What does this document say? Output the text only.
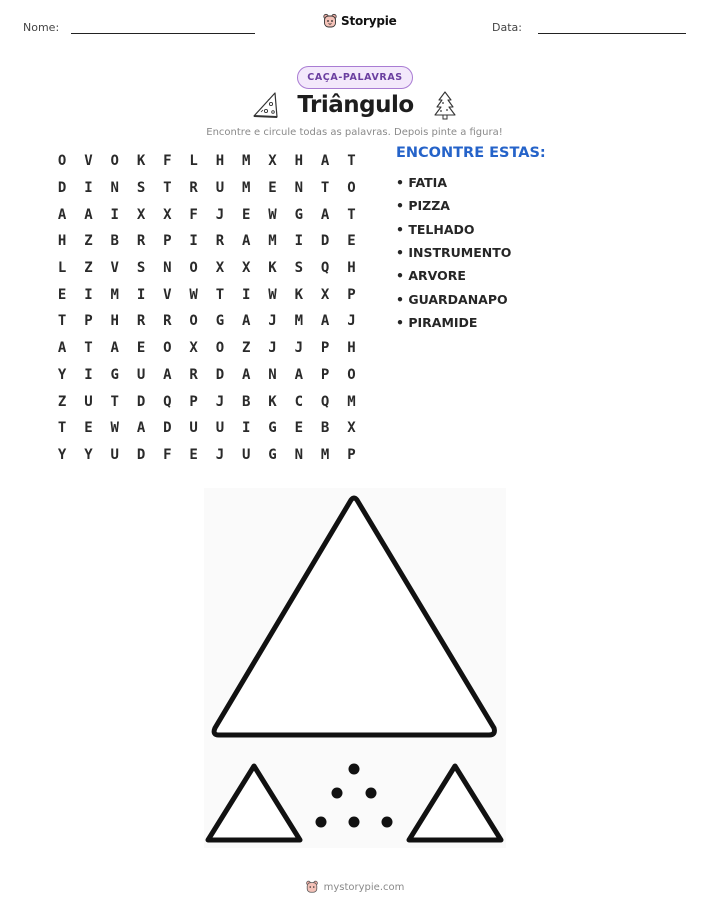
Nome:	Storypie	Data:
CAÇA-PALAVRAS
Triângulo
Encontre e circule todas as palavras. Depois pinte a figura!
O	V	O	K	F	L	H	M	X	H	A	T
D	I	N	S	T	R	U	M	E	N	T	O
A	A	I	X	X	F	J	E	W	G	A	T
H	Z	B	R	P	I	R	A	M	I	D	E
L	Z	V	S	N	O	X	X	K	S	Q	H
E	I	M	I	V	W	T	I	W	K	X	P
T	P	H	R	R	O	G	A	J	M	A	J
A	T	A	E	O	X	O	Z	J	J	P	H
Y	I	G	U	A	R	D	A	N	A	P	O
Z	U	T	D	Q	P	J	B	K	C	Q	M
T	E	W	A	D	U	U	I	G	E	B	X
Y	Y	U	D	F	E	J	U	G	N	M	P
ENCONTRE ESTAS:
• FATIA
• PIZZA
• TELHADO
• INSTRUMENTO
• ARVORE
• GUARDANAPO
• PIRAMIDE
mystorypie.com
